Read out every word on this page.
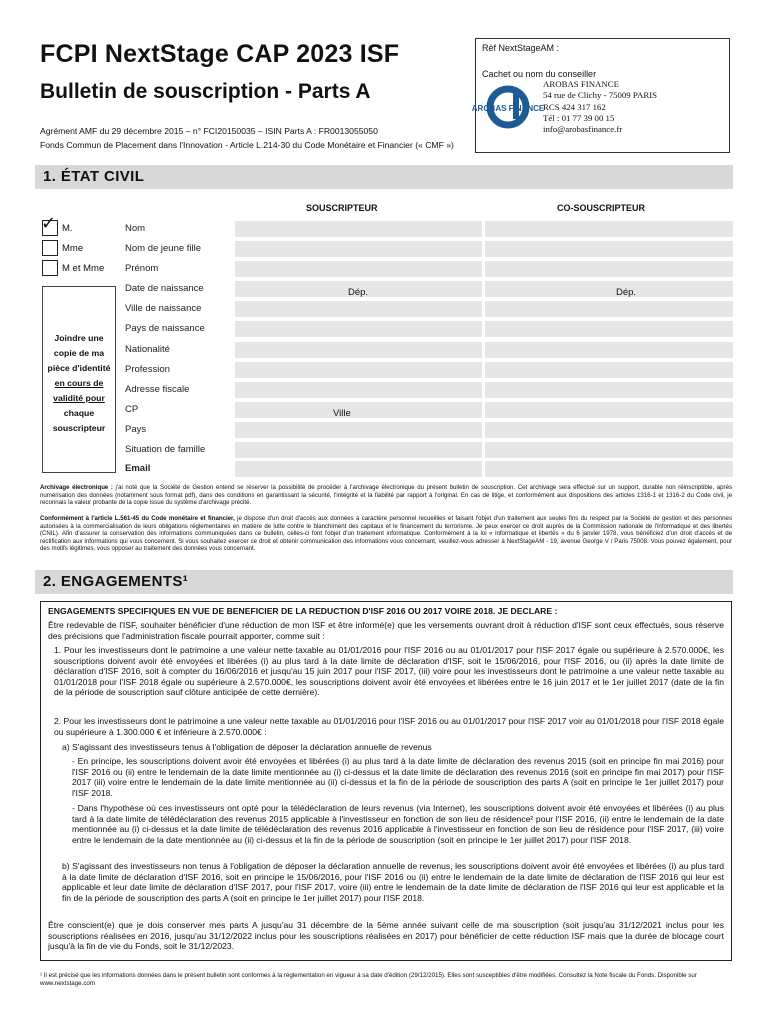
FCPI NextStage CAP 2023 ISF
Bulletin de souscription - Parts A
Agrément AMF du 29 décembre 2015 – n° FCI20150035 – ISIN Parts A : FR0013055050
Fonds Commun de Placement dans l'Innovation - Article L.214-30 du Code Monétaire et Financier (« CMF »)
Réf NextStageAM :
Cachet ou nom du conseiller
AROBAS FINANCE
AROBAS FINANCE
54 rue de Clichy - 75009 PARIS
RCS 424 317 162
Tél : 01 77 39 00 15
info@arobasfinance.fr
1. ÉTAT CIVIL
SOUSCRIPTEUR	CO-SOUSCRIPTEUR
✓ M.
Mme
M et Mme
Nom
Nom de jeune fille
Prénom
Date de naissance
Ville de naissance
Pays de naissance
Nationalité
Profession
Adresse fiscale
CP
Pays
Situation de famille
Email
Dép.	Dép.
Ville
Joindre une
copie de ma
pièce d'identité
en cours de
validité pour
chaque
souscripteur
Archivage électronique : j'ai noté que la Société de Gestion entend se réserver la possibilité de procéder à l'archivage électronique du présent bulletin de souscription. Cet archivage sera effectué sur un support, durable non réinscriptible, après numérisation des données (notamment sous format pdf), dans des conditions en garantissant la sécurité, l'intégrité et la fiabilité par rapport à l'original. En cas de litige, et conformément aux dispositions des articles 1316-1 et 1316-2 du Code civil, je reconnais la valeur probante de la copie issue du système d'archivage précité.
Conformément à l'article L.561-45 du Code monétaire et financier, je dispose d'un droit d'accès aux données à caractère personnel recueillies et faisant l'objet d'un traitement aux seules fins du respect par la Société de gestion et des personnes autorisées à la commercialisation de leurs obligations réglementaires en matière de lutte contre le blanchiment des capitaux et le financement du terrorisme. Je peux exercer ce droit auprès de la Commission nationale de l'informatique et des libertés (CNIL). Afin d'assurer la conservation des informations communiquées dans ce bulletin, celles-ci font l'objet d'un traitement informatique. Conformément à la loi « informatique et libertés » du 6 janvier 1978, vous bénéficiez d'un droit d'accès et de rectification aux informations qui vous concernent. Si vous souhaitez exercer ce droit et obtenir communication des informations vous concernant, veuillez-vous adresser à NextStageAM - 19, avenue George V / Paris 75008. Vous pouvez également, pour des motifs légitimes, vous opposer au traitement des données vous concernant.
2. ENGAGEMENTS¹
ENGAGEMENTS SPECIFIQUES EN VUE DE BENEFICIER DE LA REDUCTION D'ISF 2016 OU 2017 VOIRE 2018. JE DECLARE :
Être redevable de l'ISF, souhaiter bénéficier d'une réduction de mon ISF et être informé(e) que les versements ouvrant droit à réduction d'ISF sont ceux effectués, sous réserve des précisions que l'administration fiscale pourrait apporter, comme suit :
1. Pour les investisseurs dont le patrimoine a une valeur nette taxable au 01/01/2016 pour l'ISF 2016 ou au 01/01/2017 pour l'ISF 2017 égale ou supérieure à 2.570.000€, les souscriptions doivent avoir été envoyées et libérées (i) au plus tard à la date limite de déclaration d'ISF, soit le 15/06/2016, pour l'ISF 2016, ou (ii) après la date limite de déclaration d'ISF 2016, soit à compter du 16/06/2016 et jusqu'au 15 juin 2017 pour l'ISF 2017, (iii) voire pour les investisseurs dont le patrimoine a une valeur nette taxable au 01/01/2018 pour l'ISF 2018 égale ou supérieure à 2.570.000€, les souscriptions doivent avoir été envoyées et libérées entre le 16 juin 2017 et le 1er juillet 2017 (date de la fin de la période de souscription sauf clôture anticipée de cette dernière).
2. Pour les investisseurs dont le patrimoine a une valeur nette taxable au 01/01/2016 pour l'ISF 2016 ou au 01/01/2017 pour l'ISF 2017 voir au 01/01/2018 pour l'ISF 2018 égale ou supérieure à 1.300.000 € et inférieure à 2.570.000€ :
a) S'agissant des investisseurs tenus à l'obligation de déposer la déclaration annuelle de revenus
- En principe, les souscriptions doivent avoir été envoyées et libérées (i) au plus tard à la date limite de déclaration des revenus 2015 (soit en principe fin mai 2016) pour l'ISF 2016 ou (ii) entre le lendemain de la date limite mentionnée au (i) ci-dessus et la date limite de déclaration des revenus 2016 (soit en principe fin mai 2017) pour l'ISF 2017 (iii) voire entre le lendemain de la date limite mentionnée au (ii) ci-dessus et la fin de la période de souscription des parts A (soit en principe le 1er juillet 2017) pour l'ISF 2018.
- Dans l'hypothèse où ces investisseurs ont opté pour la télédéclaration de leurs revenus (via Internet), les souscriptions doivent avoir été envoyées et libérées (i) au plus tard à la date limite de télédéclaration des revenus 2015 applicable à l'investisseur en fonction de son lieu de résidence² pour l'ISF 2016, (ii) entre le lendemain de la date mentionnée au (i) ci-dessus et la date limite de télédéclaration des revenus 2016 applicable à l'investisseur en fonction de son lieu de résidence pour l'ISF 2017, (iii) voire entre le lendemain de la date mentionnée au (ii) ci-dessus et la fin de la période de souscription (soit en principe le 1er juillet 2017) pour l'ISF 2018.
b) S'agissant des investisseurs non tenus à l'obligation de déposer la déclaration annuelle de revenus, les souscriptions doivent avoir été envoyées et libérées (i) au plus tard à la date limite de déclaration d'ISF 2016, soit en principe le 15/06/2016, pour l'ISF 2016 ou (ii) entre le lendemain de la date limite de déclaration de l'ISF 2016 qui leur est applicable et leur date limite de déclaration d'ISF 2017, pour l'ISF 2017, voire (iii) entre le lendemain de la date limite de déclaration de l'ISF 2016 qui leur est applicable et la fin de la période de souscription des parts A (soit en principe le 1er juillet 2017) pour l'ISF 2018.
Être conscient(e) que je dois conserver mes parts A jusqu'au 31 décembre de la 5ème année suivant celle de ma souscription (soit jusqu'au 31/12/2021 inclus pour les souscriptions réalisées en 2016, jusqu'au 31/12/2022 inclus pour les souscriptions réalisées en 2017) pour bénéficier de cette réduction ISF mais que la durée de blocage court jusqu'à la fin de vie du Fonds, soit le 31/12/2023.
¹ Il est précisé que les informations données dans le présent bulletin sont conformes à la réglementation en vigueur à sa date d'édition (29/12/2015). Elles sont susceptibles d'être modifiées. Consultez la Note fiscale du Fonds. Disponible sur www.nextstage.com
